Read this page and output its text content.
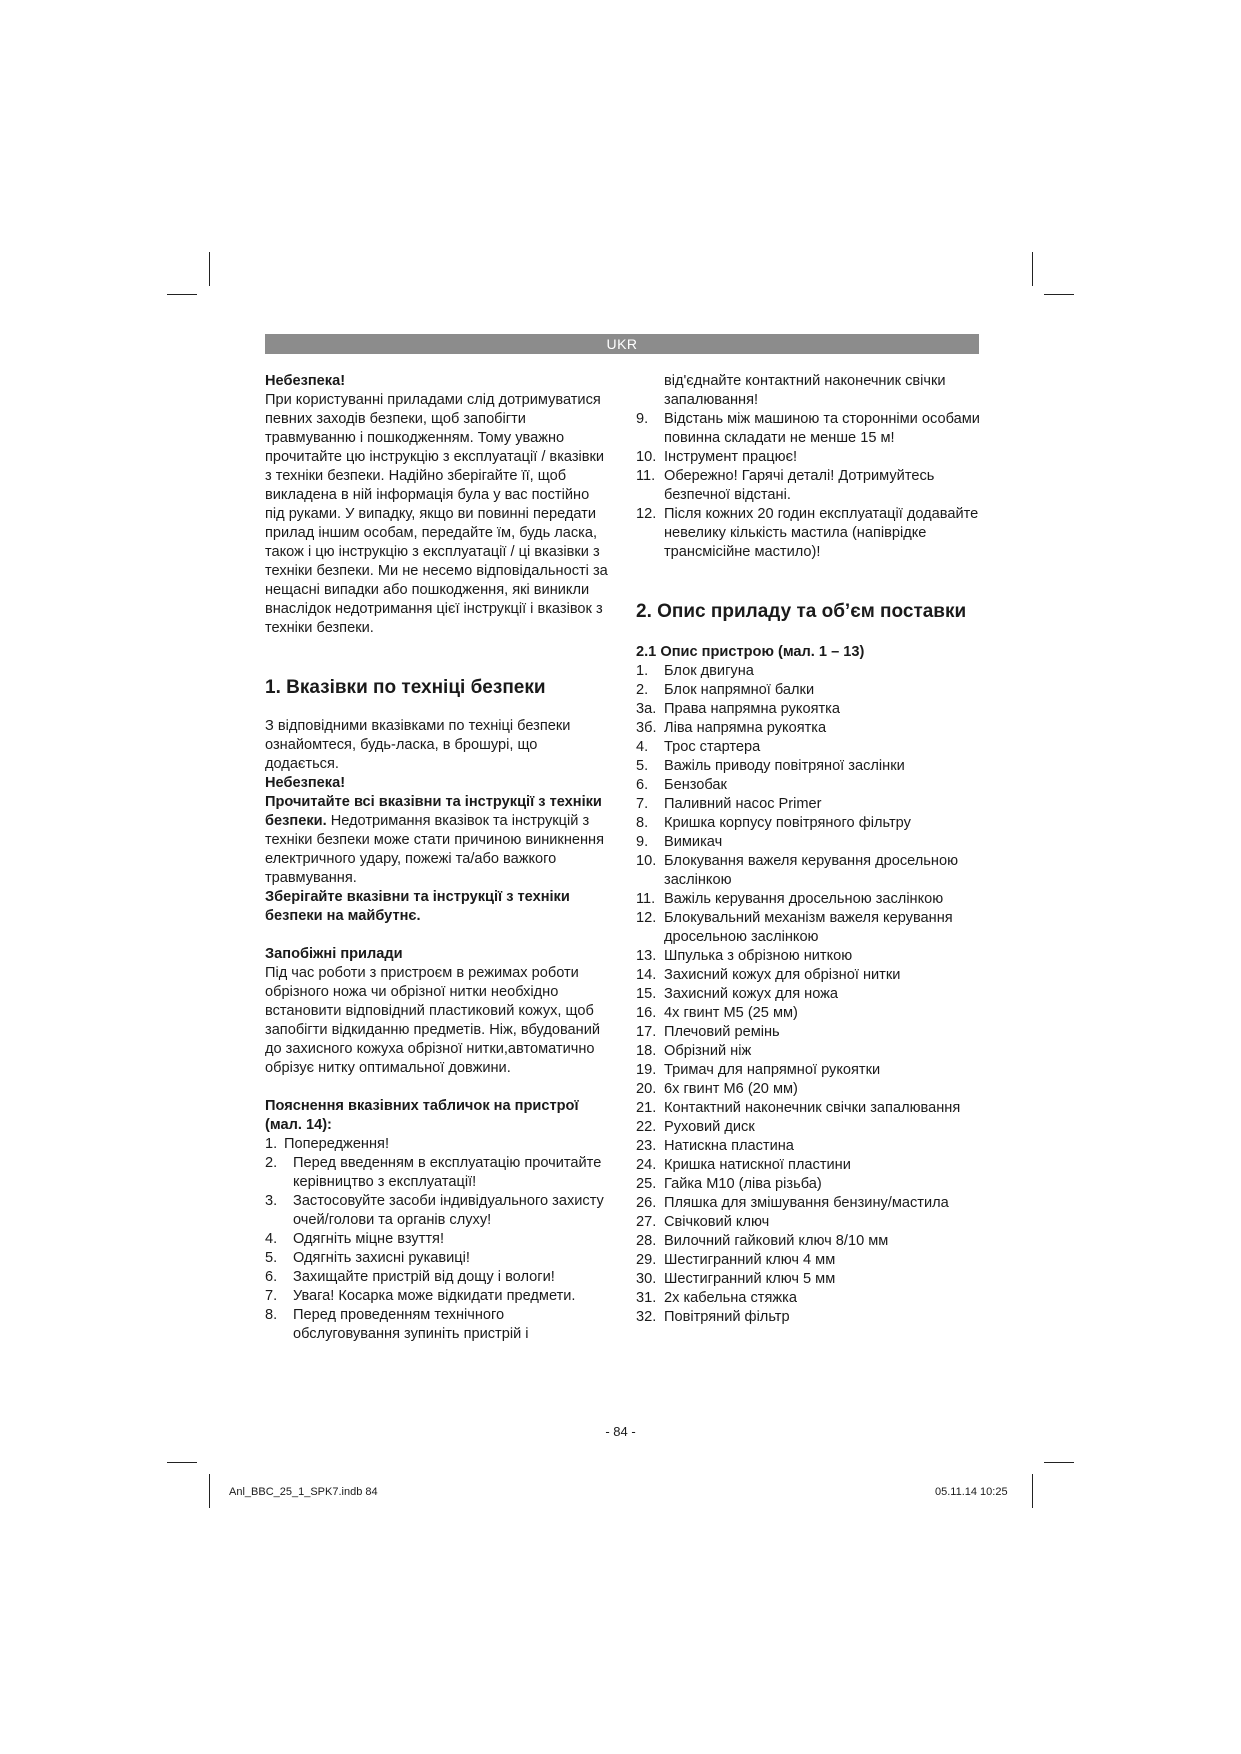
UKR

Небезпека!

При користуванні приладами слід дотримуватися певних заходів безпеки, щоб запобігти травмуванню і пошкодженням. Тому уважно прочитайте цю інструкцію з експлуатації / вказівки з техніки безпеки. Надійно зберігайте її, щоб викладена в ній інформація була у вас постійно під руками. У випадку, якщо ви повинні передати прилад іншим особам, передайте їм, будь ласка, також і цю інструкцію з експлуатації / ці вказівки з техніки безпеки. Ми не несемо відповідальності за нещасні випадки або пошкодження, які виникли внаслідок недотримання цієї інструкції і вказівок з техніки безпеки.

1. Вказівки по техніці безпеки

З відповідними вказівками по техніці безпеки ознайомтеся, будь-ласка, в брошурі, що додається.

Небезпека!

Прочитайте всі вказівни та інструкції з техніки безпеки. Недотримання вказівок та інструкцій з техніки безпеки може стати причиною виникнення електричного удару, пожежі та/або важкого травмування.

Зберігайте вказівни та інструкції з техніки безпеки на майбутнє.

Запобіжні прилади

Під час роботи з пристроєм в режимах роботи обрізного ножа чи обрізної нитки необхідно встановити відповідний пластиковий кожух, щоб запобігти відкиданню предметів. Ніж, вбудований до захисного кожуха обрізної нитки,автоматично обрізує нитку оптимальної довжини.

Пояснення вказівних табличок на пристрої (мал. 14):

1. Попередження!
2.	Перед введенням в експлуатацію прочитайте керівництво з експлуатації!
3.	Застосовуйте засоби індивідуального захисту очей/голови та органів слуху!
4.	Одягніть міцне взуття!
5.	Одягніть захисні рукавиці!
6.	Захищайте пристрій від дощу і вологи!
7.	Увага! Косарка може відкидати предмети.
8.	Перед проведенням технічного обслуговування зупиніть пристрій і

від'єднайте контактний наконечник свічки запалювання!

9.	Відстань між машиною та сторонніми особами повинна складати не менше 15 м!
10. Інструмент працює!
11. Обережно! Гарячі деталі! Дотримуйтесь безпечної відстані.
12. Після кожних 20 годин експлуатації додавайте невелику кількість мастила (напіврідке трансмісійне мастило)!

2. Опис приладу та об’єм поставки

2.1 Опис пристрою (мал. 1 – 13)

1.	Блок двигуна
2.	Блок напрямної балки
3а. Права напрямна рукоятка
3б. Ліва напрямна рукоятка
4.	Трос стартера
5.	Важіль приводу повітряної заслінки
6.	Бензобак
7.	Паливний насос Primer
8.	Кришка корпусу повітряного фільтру
9.	Вимикач
10. Блокування важеля керування дросельною заслінкою
11. Важіль керування дросельною заслінкою
12. Блокувальний механізм важеля керування дросельною заслінкою
13. Шпулька з обрізною ниткою
14. Захисний кожух для обрізної нитки
15. Захисний кожух для ножа
16. 4x гвинт M5 (25 мм)
17. Плечовий ремінь
18. Обрізний ніж
19. Тримач для напрямної рукоятки
20. 6x гвинт M6 (20 мм)
21. Контактний наконечник свічки запалювання
22. Руховий диск
23. Натискна пластина
24. Кришка натискної пластини
25. Гайка M10 (ліва різьба)
26. Пляшка для змішування бензину/мастила
27. Свічковий ключ
28. Вилочний гайковий ключ 8/10 мм
29. Шестигранний ключ 4 мм
30. Шестигранний ключ 5 мм
31. 2x кабельна стяжка
32. Повітряний фільтр
- 84 -
Anl_BBC_25_1_SPK7.indb 84	05.11.14 10:25
